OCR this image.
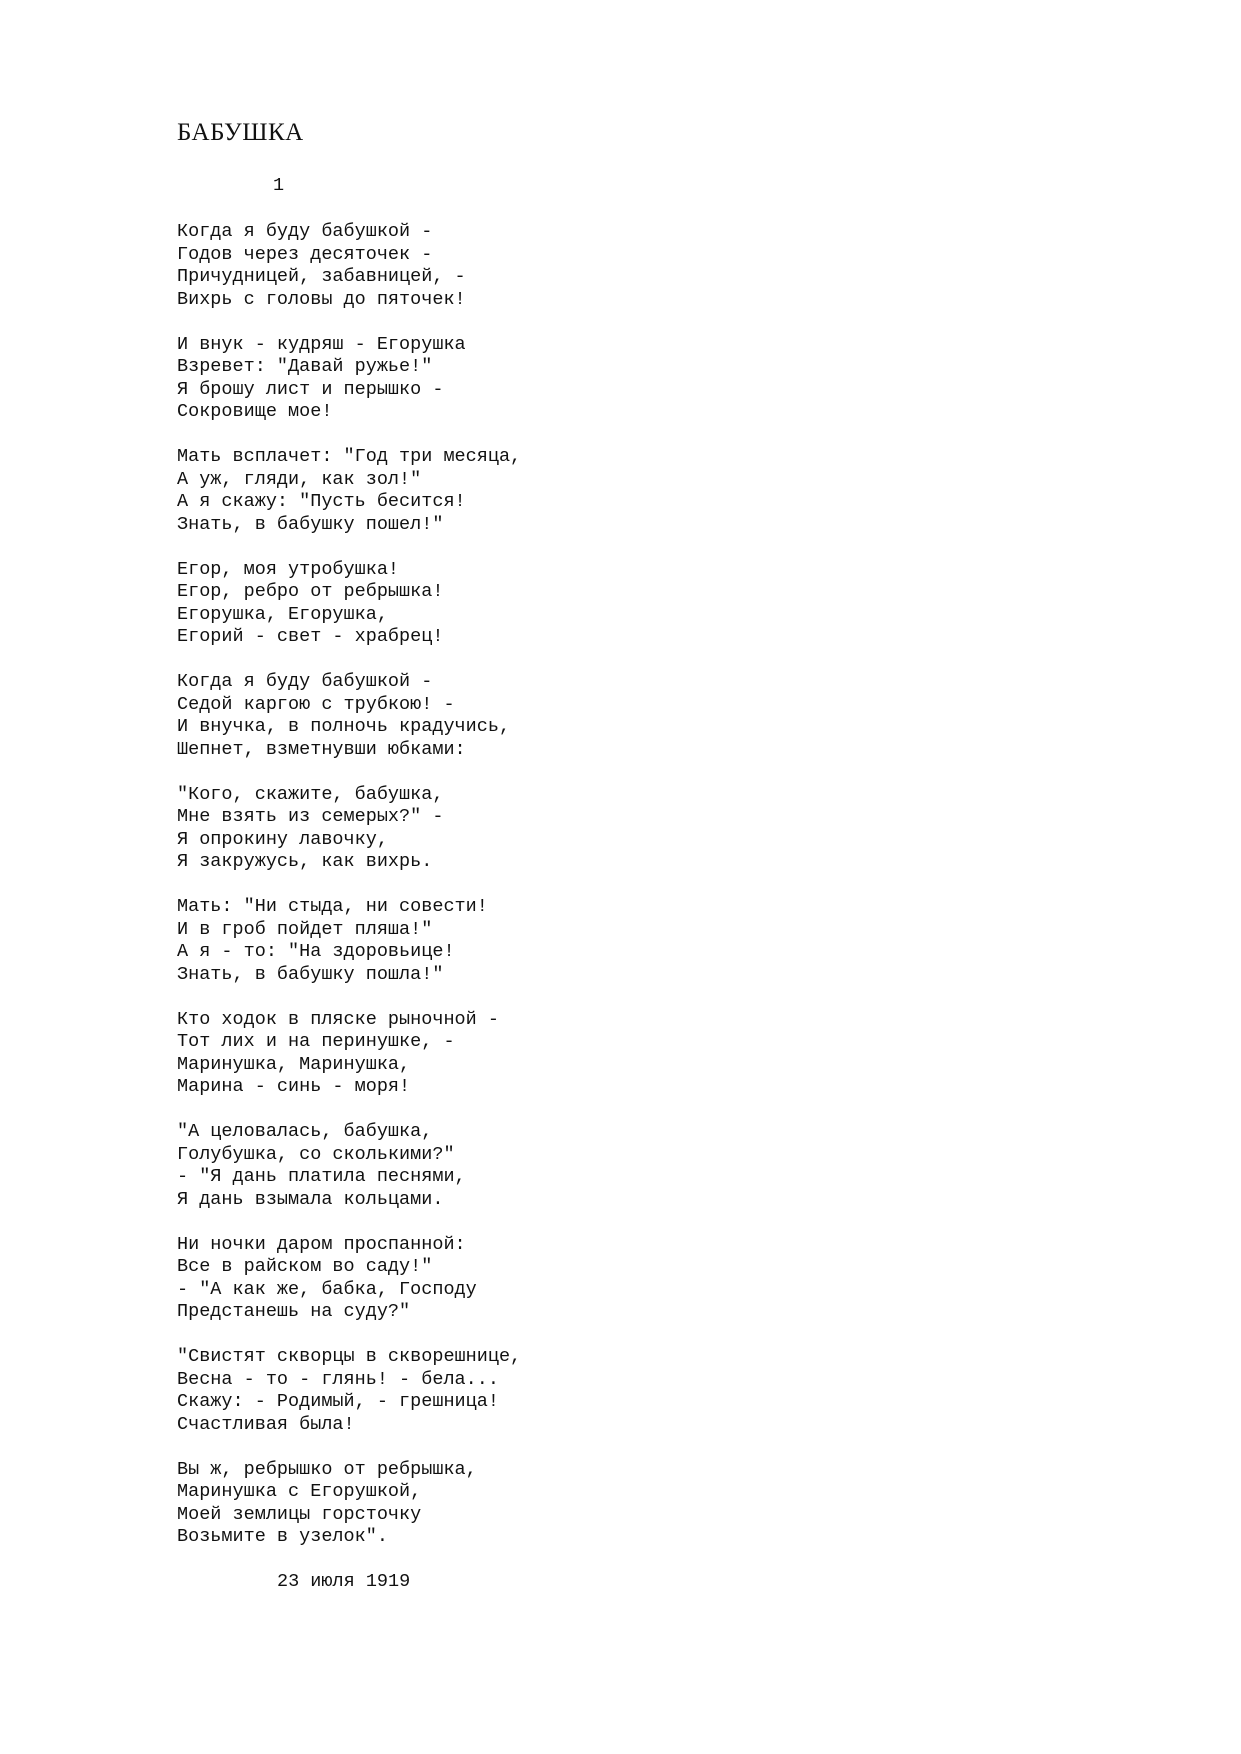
БАБУШКА
1
Когда я буду бабушкой -
Годов через десяточек -
Причудницей, забавницей, -
Вихрь с головы до пяточек!
И внук - кудряш - Егорушка
Взревет: "Давай ружье!"
Я брошу лист и перышко -
Сокровище мое!
Мать всплачет: "Год три месяца,
А уж, гляди, как зол!"
А я скажу: "Пусть бесится!
Знать, в бабушку пошел!"
Егор, моя утробушка!
Егор, ребро от ребрышка!
Егорушка, Егорушка,
Егорий - свет - храбрец!
Когда я буду бабушкой -
Седой каргою с трубкою! -
И внучка, в полночь крадучись,
Шепнет, взметнувши юбками:
"Кого, скажите, бабушка,
Мне взять из семерых?" -
Я опрокину лавочку,
Я закружусь, как вихрь.
Мать: "Ни стыда, ни совести!
И в гроб пойдет пляша!"
А я - то: "На здоровьице!
Знать, в бабушку пошла!"
Кто ходок в пляске рыночной -
Тот лих и на перинушке, -
Маринушка, Маринушка,
Марина - синь - моря!
"А целовалась, бабушка,
Голубушка, со сколькими?"
- "Я дань платила песнями,
Я дань взымала кольцами.
Ни ночки даром проспанной:
Все в райском во саду!"
- "А как же, бабка, Господу
Предстанешь на суду?"
"Свистят скворцы в скворешнице,
Весна - то - глянь! - бела...
Скажу: - Родимый, - грешница!
Счастливая была!
Вы ж, ребрышко от ребрышка,
Маринушка с Егорушкой,
Моей землицы горсточку
Возьмите в узелок".
23 июля 1919
